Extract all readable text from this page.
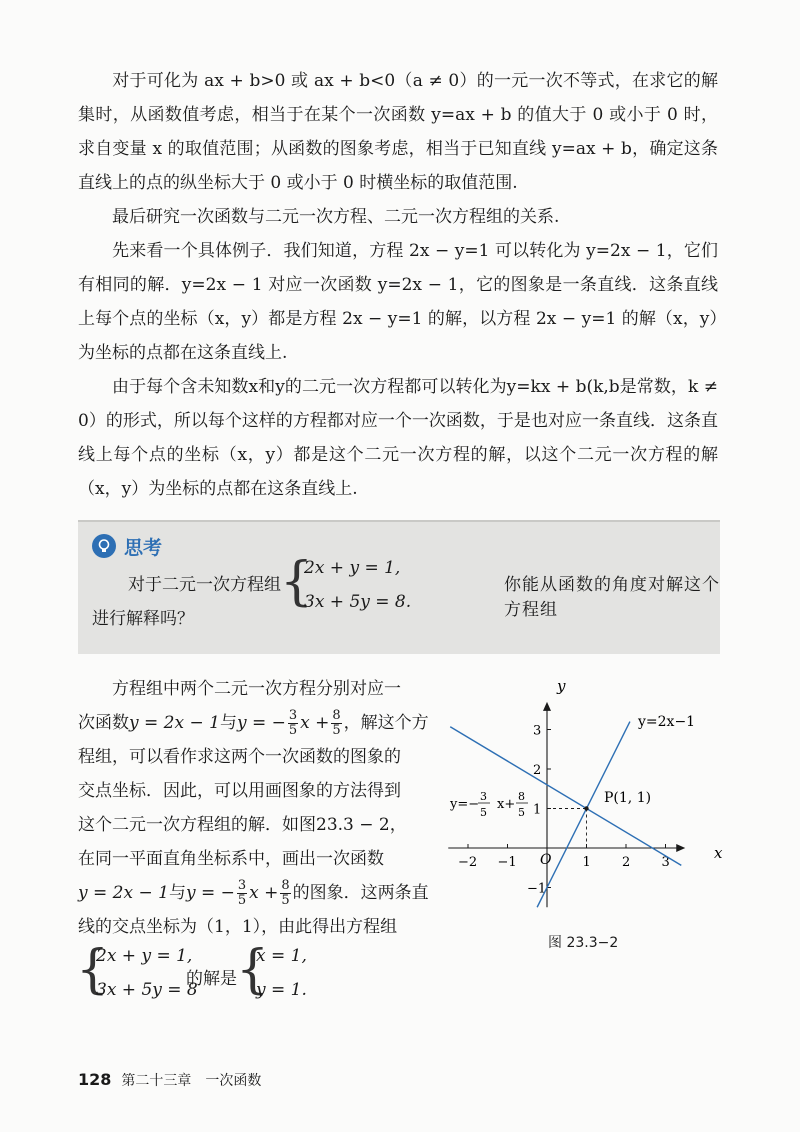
对于可化为 ax + b>0 或 ax + b<0（a ≠ 0）的一元一次不等式，在求它的解集时，从函数值考虑，相当于在某个一次函数 y=ax + b 的值大于 0 或小于 0 时，求自变量 x 的取值范围；从函数的图象考虑，相当于已知直线 y=ax + b，确定这条直线上的点的纵坐标大于 0 或小于 0 时横坐标的取值范围.

最后研究一次函数与二元一次方程、二元一次方程组的关系.

先来看一个具体例子．我们知道，方程 2x − y=1 可以转化为 y=2x − 1，它们有相同的解．y=2x − 1 对应一次函数 y=2x − 1，它的图象是一条直线．这条直线上每个点的坐标（x，y）都是方程 2x − y=1 的解，以方程 2x − y=1 的解（x，y）为坐标的点都在这条直线上.

由于每个含未知数x和y的二元一次方程都可以转化为y=kx + b(k,b是常数，k ≠ 0）的形式，所以每个这样的方程都对应一个一次函数，于是也对应一条直线．这条直线上每个点的坐标（x，y）都是这个二元一次方程的解，以这个二元一次方程的解（x，y）为坐标的点都在这条直线上.

思考
对于二元一次方程组 {
2x + y = 1,
3x + 5y = 8.
你能从函数的角度对解这个方程组
进行解释吗？

方程组中两个二元一次方程分别对应一

次函数y = 2x − 1与y = − $\frac{3}{5}$ $x + \frac{8}{5}$ ，解这个方

程组，可以看作求这两个一次函数的图象的

交点坐标．因此，可以用画图象的方法得到

这个二元一次方程组的解．如图23.3 − 2，

在同一平面直角坐标系中，画出一次函数

y = 2x − 1与y = − $\frac{3}{5}$ $x + \frac{8}{5}$ 的图象．这两条直

线的交点坐标为（1，1），由此得出方程组

{
2x + y = 1,
3x + 5y = 8
的解是 {
x = 1,
y = 1.
−2 −1	1 2 3
−1
1
2
3
y
x
O
y=2x−1
y=−
3
5
x+
8
5
P(1, 1)
图 23.3−2
128 第二十三章　一次函数
